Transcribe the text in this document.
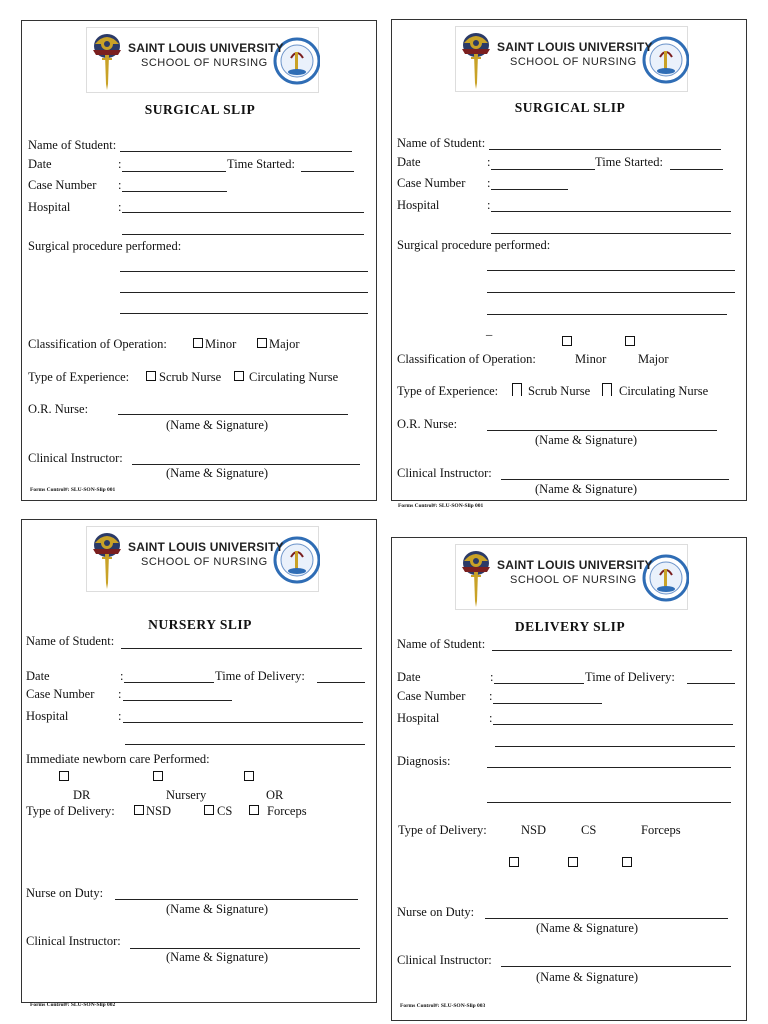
SAINT LOUIS UNIVERSITY
SCHOOL OF NURSING
SURGICAL SLIP
Name of Student:
Date	:	Time Started:
Case Number :
Hospital	:
Surgical procedure performed:
Classification of Operation:	Minor	Major
Type of Experience: Scrub Nurse Circulating Nurse
O.R. Nurse:
(Name & Signature)
Clinical Instructor:
(Name & Signature)
Forms Control#: SLU-SON-Slip 001
SAINT LOUIS UNIVERSITY
SCHOOL OF NURSING
SURGICAL SLIP
Name of Student:
Date	:	Time Started:
Case Number :
Hospital	:
Surgical procedure performed:
_
Classification of Operation:	Minor	Major
Type of Experience: Scrub Nurse Circulating Nurse
O.R. Nurse:
(Name & Signature)
Clinical Instructor:
(Name & Signature)
Forms Control#: SLU-SON-Slip 001
SAINT LOUIS UNIVERSITY
SCHOOL OF NURSING
NURSERY SLIP
Name of Student:
Date	:	Time of Delivery:
Case Number :
Hospital	:
Immediate newborn care Performed:
DR	Nursery	OR
Type of Delivery:	NSD	CS	Forceps
Nurse on Duty:
(Name & Signature)
Clinical Instructor:
(Name & Signature)
Forms Control#: SLU-SON-Slip 002
SAINT LOUIS UNIVERSITY
SCHOOL OF NURSING
DELIVERY SLIP
Name of Student:
Date	:	Time of Delivery:
Case Number :
Hospital	:
Diagnosis:
Type of Delivery:	NSD	CS	Forceps
Nurse on Duty:
(Name & Signature)
Clinical Instructor:
(Name & Signature)
Forms Control#: SLU-SON-Slip 003
